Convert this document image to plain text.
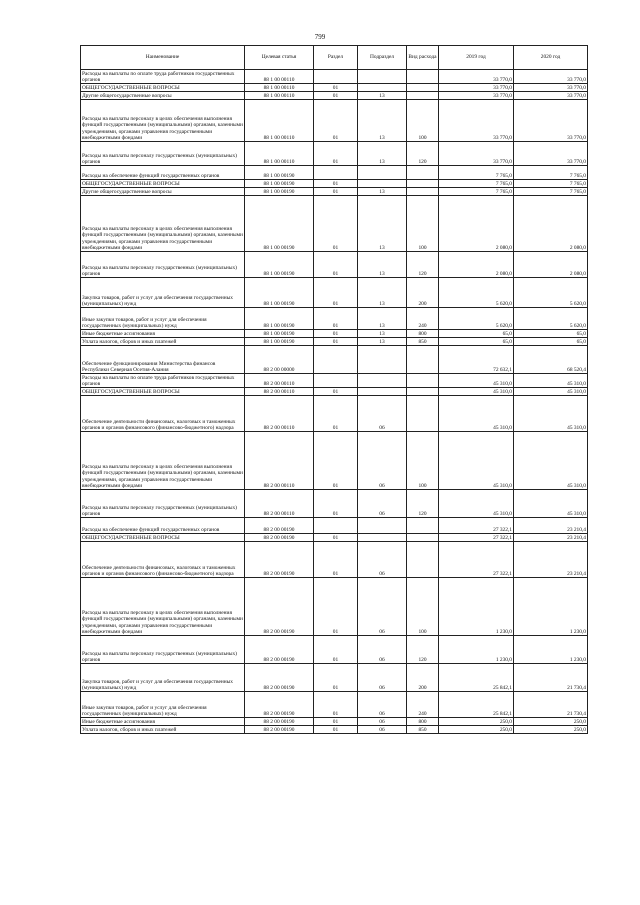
799
Наименование	Целевая статья	Раздел	Подраздел	Вид расхода	2019 год	2020 год
Расходы на выплаты по оплате труда работников государственных органов	88 1 00 00110				33 770,0	33 770,0
ОБЩЕГОСУДАРСТВЕННЫЕ ВОПРОСЫ	88 1 00 00110	01			33 770,0	33 770,0
Другие общегосударственные вопросы	88 1 00 00110	01	13		33 770,0	33 770,0
Расходы на выплаты персоналу в целях обеспечения выполнения функций государственными (муниципальными) органами, казенными учреждениями, органами управления государственными внебюджетными фондами	88 1 00 00110	01	13	100	33 770,0	33 770,0
Расходы на выплаты персоналу государственных (муниципальных) органов	88 1 00 00110	01	13	120	33 770,0	33 770,0
Расходы на обеспечение функций государственных органов	88 1 00 00190				7 765,0	7 765,0
ОБЩЕГОСУДАРСТВЕННЫЕ ВОПРОСЫ	88 1 00 00190	01			7 765,0	7 765,0
Другие общегосударственные вопросы	88 1 00 00190	01	13		7 765,0	7 765,0
Расходы на выплаты персоналу в целях обеспечения выполнения функций государственными (муниципальными) органами, казенными учреждениями, органами управления государственными внебюджетными фондами	88 1 00 00190	01	13	100	2 080,0	2 080,0
Расходы на выплаты персоналу государственных (муниципальных) органов	88 1 00 00190	01	13	120	2 080,0	2 080,0
Закупка товаров, работ и услуг для обеспечения государственных (муниципальных) нужд	88 1 00 00190	01	13	200	5 620,0	5 620,0
Иные закупки товаров, работ и услуг для обеспечения государственных (муниципальных) нужд	88 1 00 00190	01	13	240	5 620,0	5 620,0
Иные бюджетные ассигнования	88 1 00 00190	01	13	800	65,0	65,0
Уплата налогов, сборов и иных платежей	88 1 00 00190	01	13	850	65,0	65,0
Обеспечение функционирования Министерства финансов Республики Северная Осетия-Алания	88 2 00 00000				72 632,1	68 520,4
Расходы на выплаты по оплате труда работников государственных органов	88 2 00 00110				45 310,0	45 310,0
ОБЩЕГОСУДАРСТВЕННЫЕ ВОПРОСЫ	88 2 00 00110	01			45 310,0	45 310,0
Обеспечение деятельности финансовых, налоговых и таможенных органов и органов финансового (финансово-бюджетного) надзора	88 2 00 00110	01	06		45 310,0	45 310,0
Расходы на выплаты персоналу в целях обеспечения выполнения функций государственными (муниципальными) органами, казенными учреждениями, органами управления государственными внебюджетными фондами	88 2 00 00110	01	06	100	45 310,0	45 310,0
Расходы на выплаты персоналу государственных (муниципальных) органов	88 2 00 00110	01	06	120	45 310,0	45 310,0
Расходы на обеспечение функций государственных органов	88 2 00 00190				27 322,1	23 210,4
ОБЩЕГОСУДАРСТВЕННЫЕ ВОПРОСЫ	88 2 00 00190	01			27 322,1	23 210,4
Обеспечение деятельности финансовых, налоговых и таможенных органов и органов финансового (финансово-бюджетного) надзора	88 2 00 00190	01	06		27 322,1	23 210,4
Расходы на выплаты персоналу в целях обеспечения выполнения функций государственными (муниципальными) органами, казенными учреждениями, органами управления государственными внебюджетными фондами	88 2 00 00190	01	06	100	1 230,0	1 230,0
Расходы на выплаты персоналу государственных (муниципальных) органов	88 2 00 00190	01	06	120	1 230,0	1 230,0
Закупка товаров, работ и услуг для обеспечения государственных (муниципальных) нужд	88 2 00 00190	01	06	200	25 842,1	21 730,4
Иные закупки товаров, работ и услуг для обеспечения государственных (муниципальных) нужд	88 2 00 00190	01	06	240	25 842,1	21 730,4
Иные бюджетные ассигнования	88 2 00 00190	01	06	800	250,0	250,0
Уплата налогов, сборов и иных платежей	88 2 00 00190	01	06	850	250,0	250,0
